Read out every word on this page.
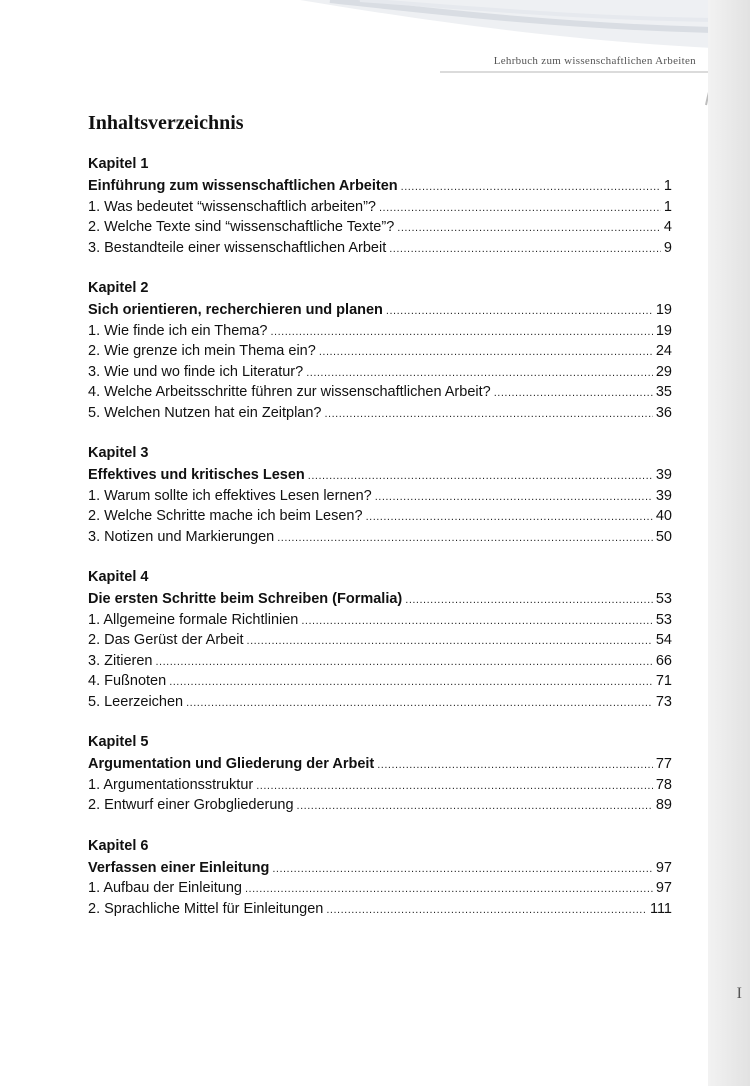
Lehrbuch zum wissenschaftlichen Arbeiten
Inhaltsverzeichnis
I
Kapitel 1
Einführung zum wissenschaftlichen Arbeiten .....	1
1. Was bedeutet “wissenschaftlich arbeiten”? .....	1
2. Welche Texte sind “wissenschaftliche Texte”? .....	4
3. Bestandteile einer wissenschaftlichen Arbeit .....	9
Kapitel 2
Sich orientieren, recherchieren und planen .....	19
1. Wie finde ich ein Thema? .....	19
2. Wie grenze ich mein Thema ein? .....	24
3. Wie und wo finde ich Literatur? .....	29
4. Welche Arbeitsschritte führen zur wissenschaftlichen Arbeit? .....	35
5. Welchen Nutzen hat ein Zeitplan? .....	36
Kapitel 3
Effektives und kritisches Lesen .....	39
1. Warum sollte ich effektives Lesen lernen? .....	39
2. Welche Schritte mache ich beim Lesen? .....	40
3. Notizen und Markierungen .....	50
Kapitel 4
Die ersten Schritte beim Schreiben (Formalia) .....	53
1. Allgemeine formale Richtlinien .....	53
2. Das Gerüst der Arbeit .....	54
3. Zitieren .....	66
4. Fußnoten .....	71
5. Leerzeichen .....	73
Kapitel 5
Argumentation und Gliederung der Arbeit .....	77
1. Argumentationsstruktur .....	78
2. Entwurf einer Grobgliederung .....	89
Kapitel 6
Verfassen einer Einleitung .....	97
1. Aufbau der Einleitung .....	97
2. Sprachliche Mittel für Einleitungen .....	111
